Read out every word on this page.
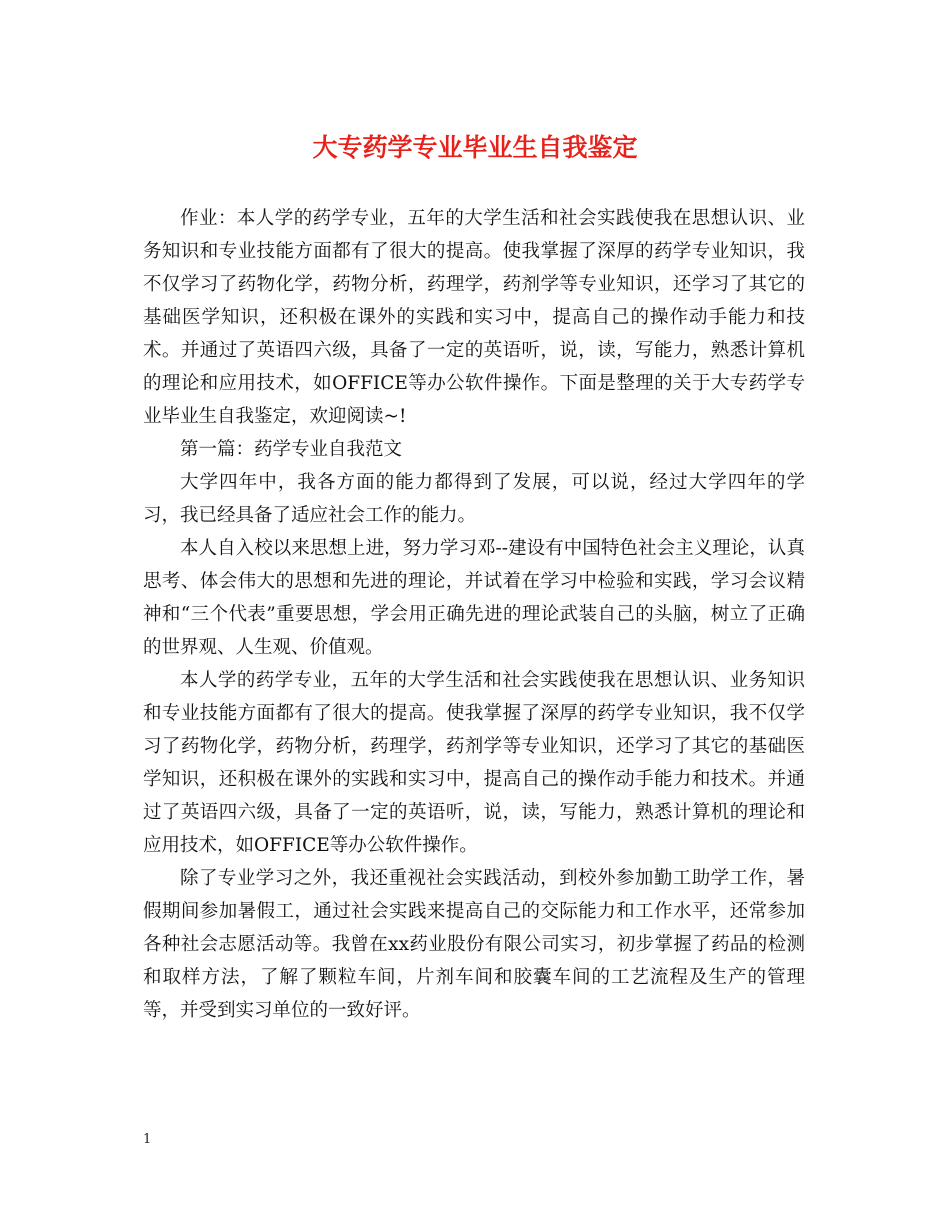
大专药学专业毕业生自我鉴定

作业：本人学的药学专业，五年的大学生活和社会实践使我在思想认识、业务知识和专业技能方面都有了很大的提高。使我掌握了深厚的药学专业知识，我不仅学习了药物化学，药物分析，药理学，药剂学等专业知识，还学习了其它的基础医学知识，还积极在课外的实践和实习中，提高自己的操作动手能力和技术。并通过了英语四六级，具备了一定的英语听，说，读，写能力，熟悉计算机的理论和应用技术，如OFFICE等办公软件操作。下面是整理的关于大专药学专业毕业生自我鉴定，欢迎阅读~!

第一篇：药学专业自我范文

大学四年中，我各方面的能力都得到了发展，可以说，经过大学四年的学习，我已经具备了适应社会工作的能力。

本人自入校以来思想上进，努力学习邓--建设有中国特色社会主义理论，认真思考、体会伟大的思想和先进的理论，并试着在学习中检验和实践，学习会议精神和“三个代表”重要思想，学会用正确先进的理论武装自己的头脑，树立了正确的世界观、人生观、价值观。

本人学的药学专业，五年的大学生活和社会实践使我在思想认识、业务知识和专业技能方面都有了很大的提高。使我掌握了深厚的药学专业知识，我不仅学习了药物化学，药物分析，药理学，药剂学等专业知识，还学习了其它的基础医学知识，还积极在课外的实践和实习中，提高自己的操作动手能力和技术。并通过了英语四六级，具备了一定的英语听，说，读，写能力，熟悉计算机的理论和应用技术，如OFFICE等办公软件操作。

除了专业学习之外，我还重视社会实践活动，到校外参加勤工助学工作，暑假期间参加暑假工，通过社会实践来提高自己的交际能力和工作水平，还常参加各种社会志愿活动等。我曾在xx药业股份有限公司实习，初步掌握了药品的检测和取样方法，了解了颗粒车间，片剂车间和胶囊车间的工艺流程及生产的管理等，并受到实习单位的一致好评。

1
